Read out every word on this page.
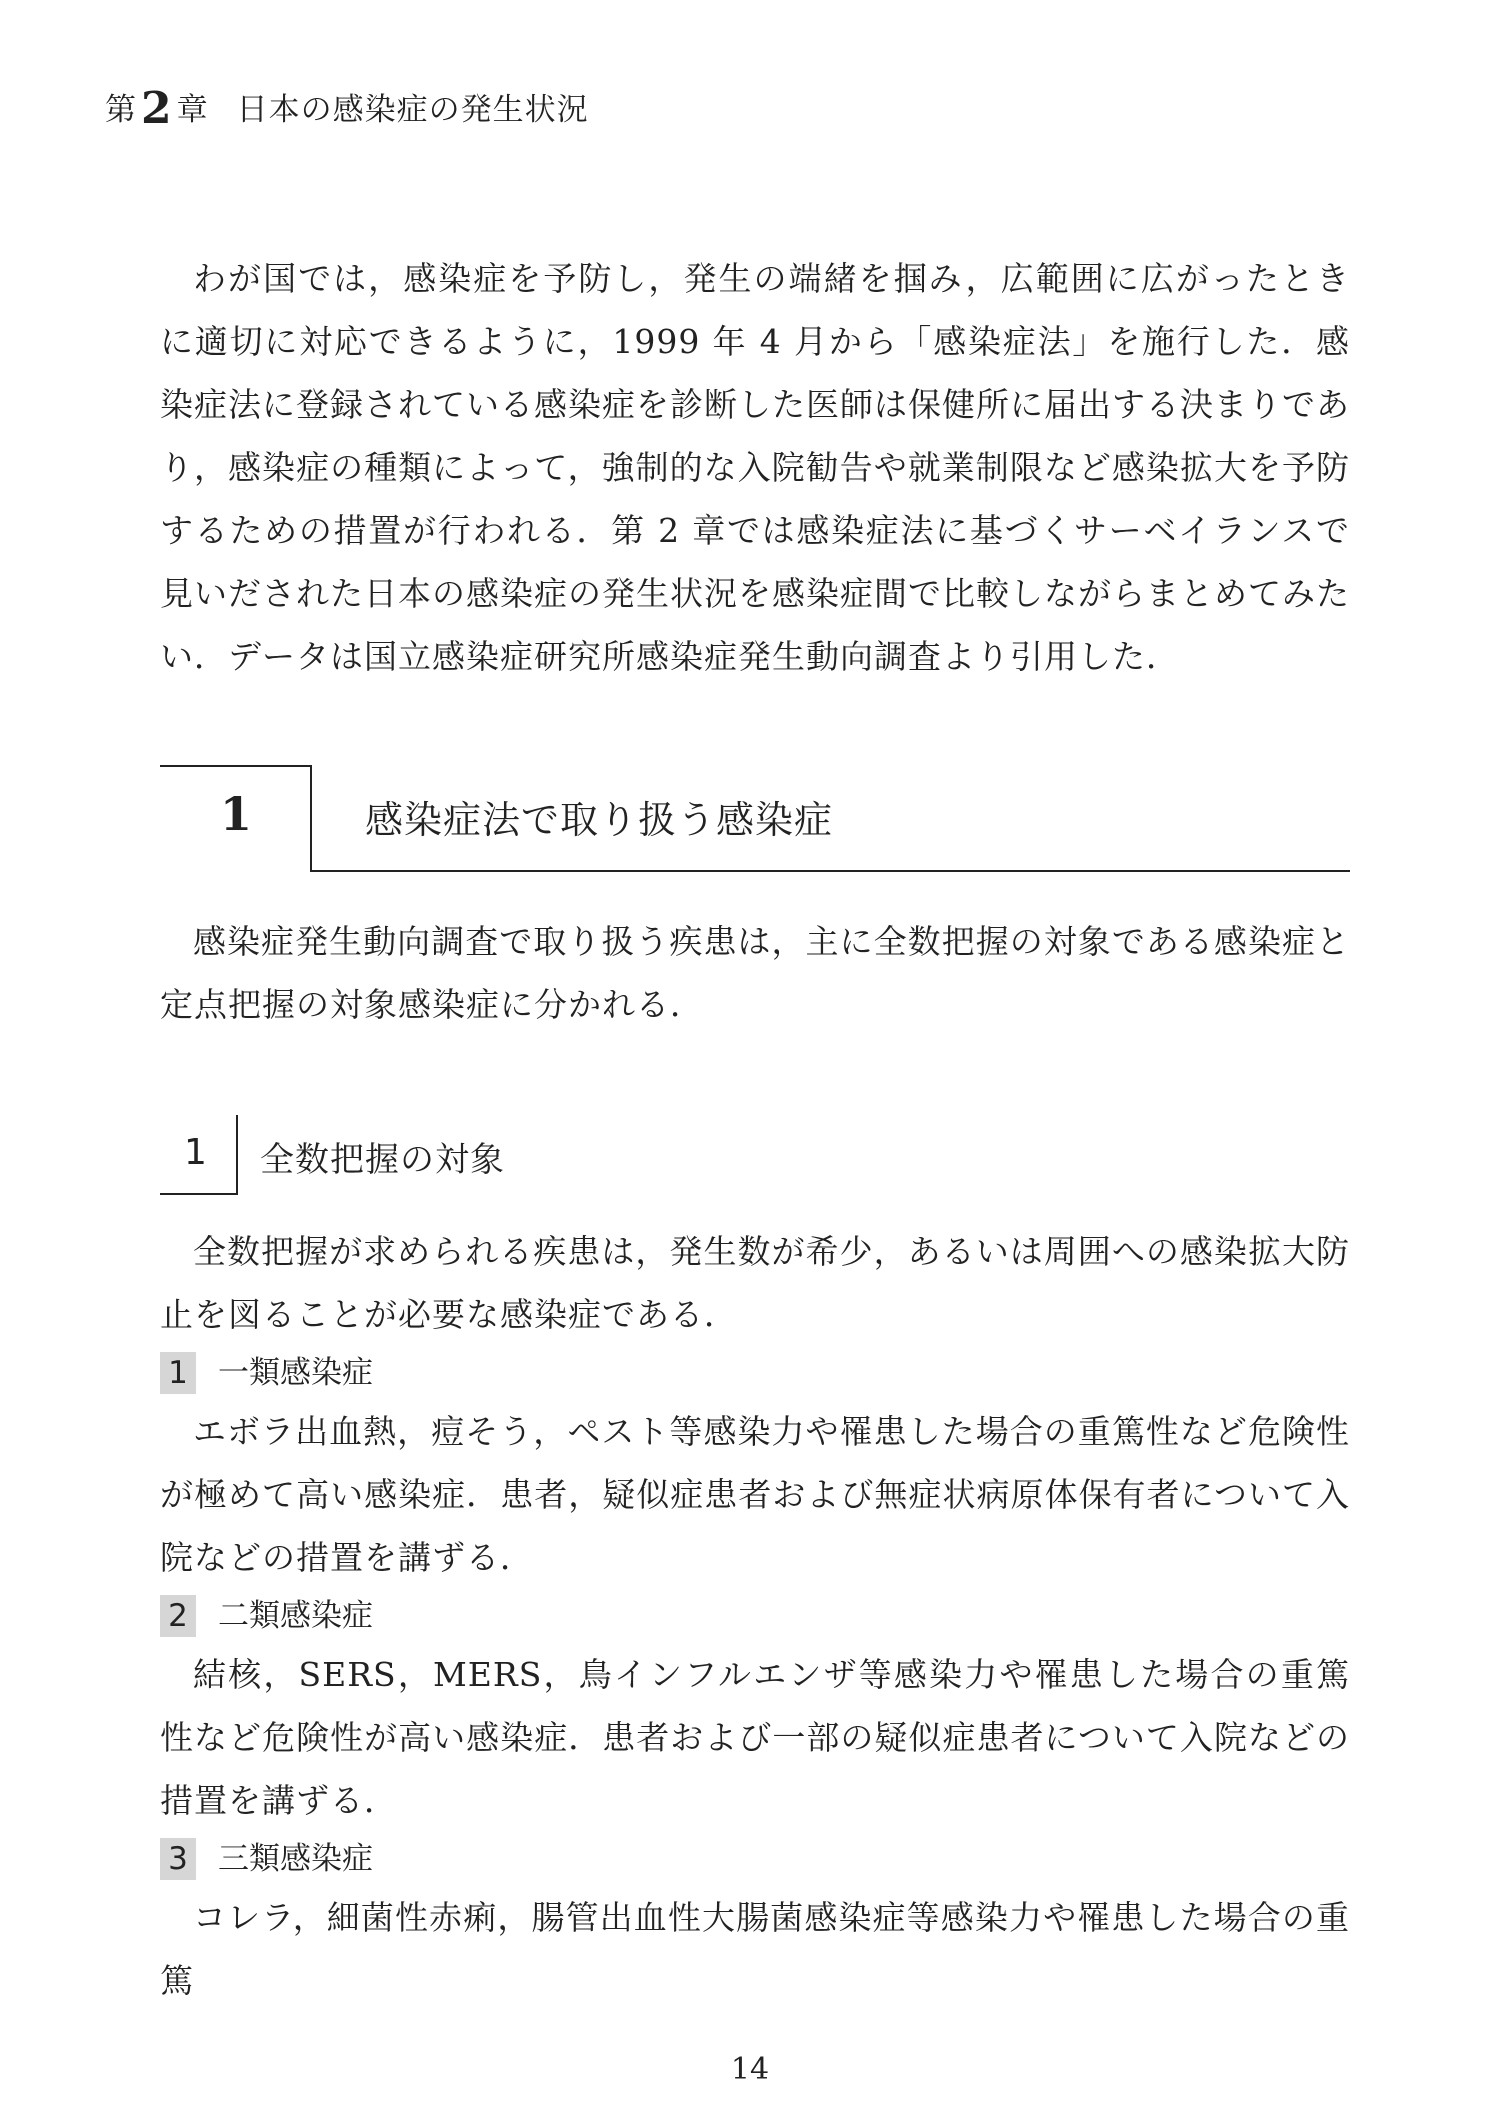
第2 章 日本の感染症の発生状況

わが国では，感染症を予防し，発生の端緒を掴み，広範囲に広がったときに適切に対応できるように，1999 年 4 月から「感染症法」を施行した．感染症法に登録されている感染症を診断した医師は保健所に届出する決まりであり，感染症の種類によって，強制的な入院勧告や就業制限など感染拡大を予防するための措置が行われる．第 2 章では感染症法に基づくサーベイランスで見いだされた日本の感染症の発生状況を感染症間で比較しながらまとめてみたい．データは国立感染症研究所感染症発生動向調査より引用した．

1	感染症法で取り扱う感染症

感染症発生動向調査で取り扱う疾患は，主に全数把握の対象である感染症と定点把握の対象感染症に分かれる．

1 全数把握の対象

全数把握が求められる疾患は，発生数が希少，あるいは周囲への感染拡大防止を図ることが必要な感染症である．

1 一類感染症

エボラ出血熱，痘そう，ペスト等感染力や罹患した場合の重篤性など危険性が極めて高い感染症．患者，疑似症患者および無症状病原体保有者について入院などの措置を講ずる．

2 二類感染症

結核，SERS，MERS，鳥インフルエンザ等感染力や罹患した場合の重篤性など危険性が高い感染症．患者および一部の疑似症患者について入院などの措置を講ずる．

3 三類感染症

コレラ，細菌性赤痢，腸管出血性大腸菌感染症等感染力や罹患した場合の重篤

14
